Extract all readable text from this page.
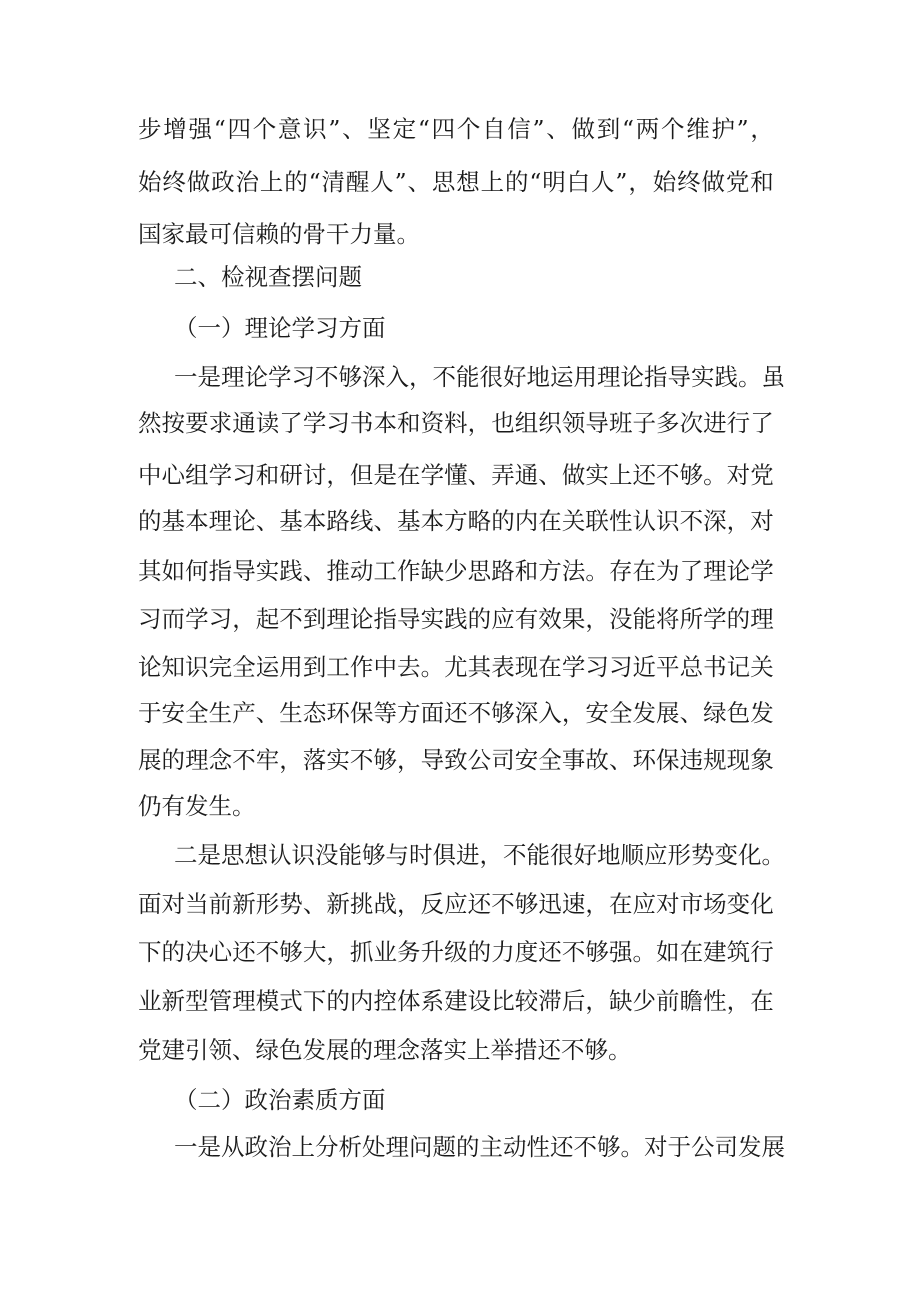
步 增 强 “ 四 个 意 识 ” 、 坚 定 “ 四 个 自 信 ” 、 做 到 “ 两 个 维 护 ” ，
始 终 做 政 治 上 的 “ 清 醒 人 ” 、 思 想 上 的 “ 明 白 人 ” ， 始 终 做 党 和
国家最可信赖的骨干力量。
二、检视查摆问题
（一）理论学习方面
一 是 理 论 学 习 不 够 深 入 ， 不 能 很 好 地 运 用 理 论 指 导 实 践 。 虽
然 按 要 求 通 读 了 学 习 书 本 和 资 料 ， 也 组 织 领 导 班 子 多 次 进 行 了
中 心 组 学 习 和 研 讨 ， 但 是 在 学 懂 、 弄 通 、 做 实 上 还 不 够 。 对 党
的 基 本 理 论 、 基 本 路 线 、 基 本 方 略 的 内 在 关 联 性 认 识 不 深 ， 对
其 如 何 指 导 实 践 、 推 动 工 作 缺 少 思 路 和 方 法 。 存 在 为 了 理 论 学
习 而 学 习 ， 起 不 到 理 论 指 导 实 践 的 应 有 效 果 ， 没 能 将 所 学 的 理
论 知 识 完 全 运 用 到 工 作 中 去 。 尤 其 表 现 在 学 习 习 近 平 总 书 记 关
于 安 全 生 产 、 生 态 环 保 等 方 面 还 不 够 深 入 ， 安 全 发 展 、 绿 色 发
展 的 理 念 不 牢 ， 落 实 不 够 ， 导 致 公 司 安 全 事 故 、 环 保 违 规 现 象
仍有发生。
二 是 思 想 认 识 没 能 够 与 时 俱 进 ， 不 能 很 好 地 顺 应 形 势 变 化 。
面 对 当 前 新 形 势 、 新 挑 战 ， 反 应 还 不 够 迅 速 ， 在 应 对 市 场 变 化
下 的 决 心 还 不 够 大 ， 抓 业 务 升 级 的 力 度 还 不 够 强 。 如 在 建 筑 行
业 新 型 管 理 模 式 下 的 内 控 体 系 建 设 比 较 滞 后 ， 缺 少 前 瞻 性 ， 在
党建引领、绿色发展的理念落实上举措还不够。
（二）政治素质方面
一 是 从 政 治 上 分 析 处 理 问 题 的 主 动 性 还 不 够 。 对 于 公 司 发 展
